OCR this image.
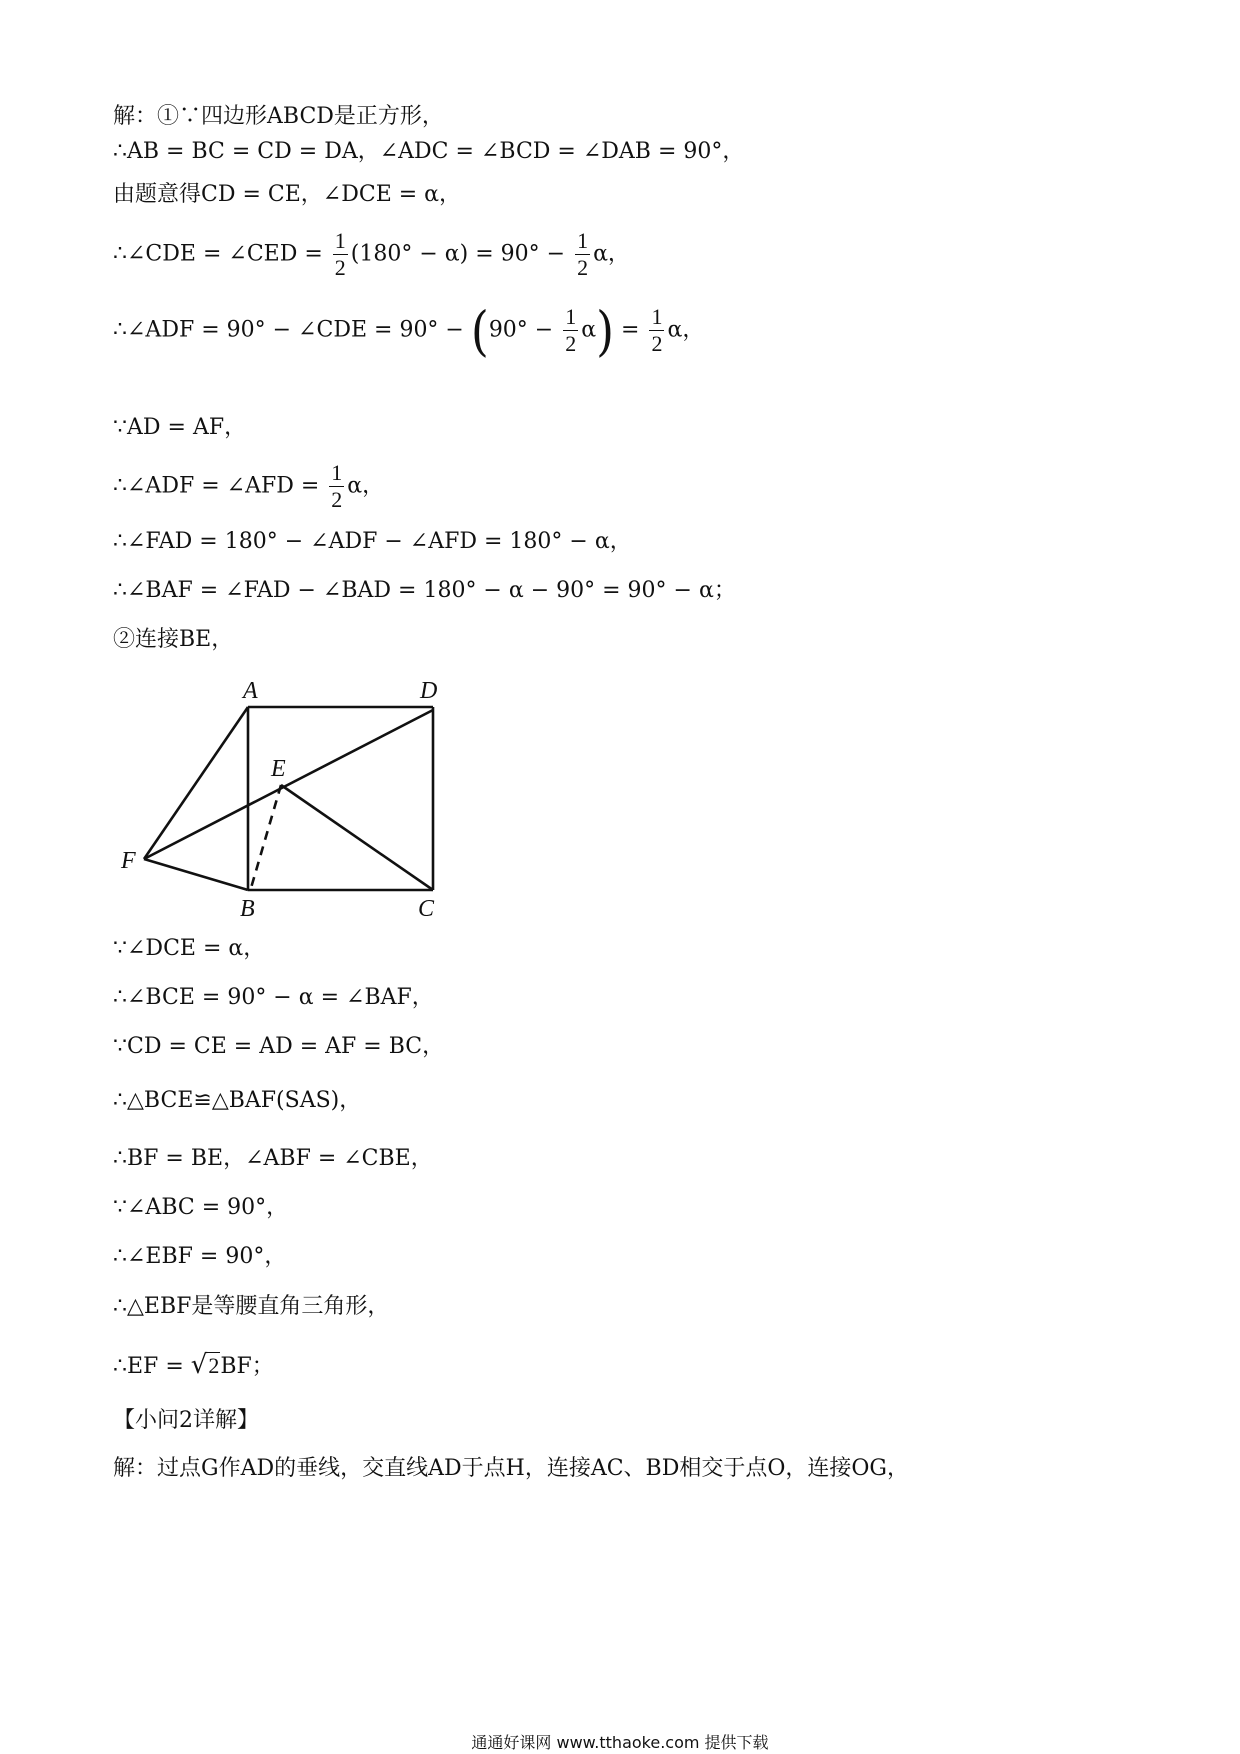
解：①∵四边形ABCD是正方形，
∴AB = BC = CD = DA，∠ADC = ∠BCD = ∠DAB = 90°，
由题意得CD = CE，∠DCE = α，
∴∠CDE = ∠CED = $\frac{1}{2} (180^\circ - \alpha) = 90^\circ - \frac{1}{2}$ α，
∴∠ADF = 90° − ∠CDE = $90^\circ - (90^\circ - \frac{1}{2} \alpha) = \frac{1}{2}$ α，
∵AD = AF，
∴∠ADF = ∠AFD = $\frac{1}{2}$ α，
∴∠FAD = 180° − ∠ADF − ∠AFD = 180° − α，
∴∠BAF = ∠FAD − ∠BAD = 180° − α − 90° = 90° − α；
②连接BE，
A	D
E
F
B	C
∵∠DCE = α，
∴∠BCE = 90° − α = ∠BAF，
∵CD = CE = AD = AF = BC，
∴△BCE≌△BAF(SAS)，
∴BF = BE，∠ABF = ∠CBE，
∵∠ABC = 90°，
∴∠EBF = 90°，
∴△EBF是等腰直角三角形，
∴EF = √2BF；
【小问2详解】
解：过点G作AD的垂线，交直线AD于点H，连接AC、BD相交于点O，连接OG，
通通好课网 www.tthaoke.com 提供下载
